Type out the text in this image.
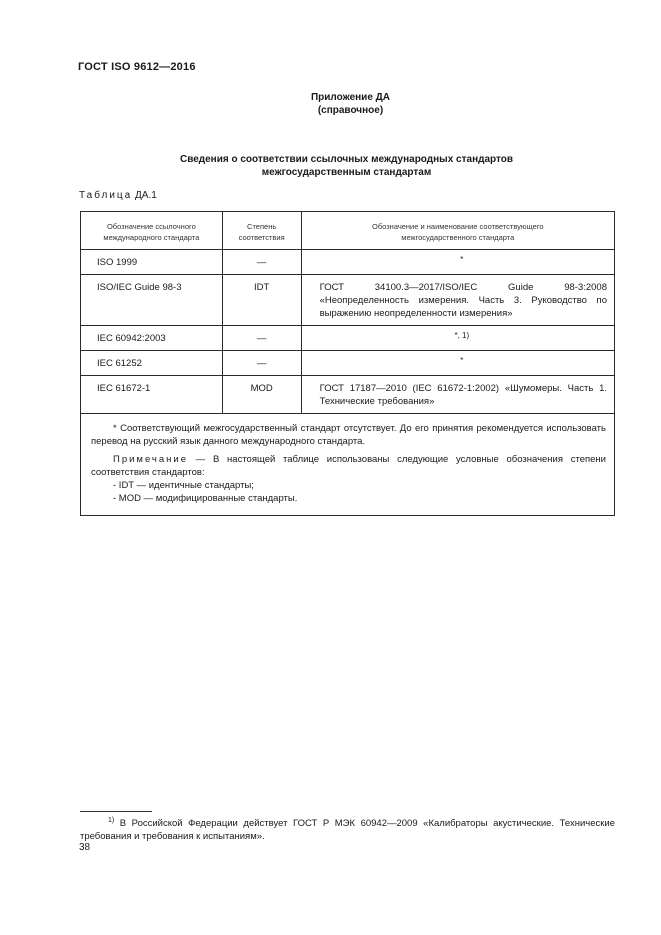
ГОСТ ISO 9612—2016
Приложение ДА
(справочное)
Сведения о соответствии ссылочных международных стандартов
межгосударственным стандартам
Таблица ДА.1
Обозначение ссылочного международного стандарта	Степень соответствия	Обозначение и наименование соответствующего межгосударственного стандарта
ISO 1999	—	*
ISO/IEC Guide 98-3	IDT	ГОСТ 34100.3—2017/ISO/IEC Guide 98-3:2008 «Неопределенность измерения. Часть 3. Руководство по выражению неопределенности измерения»
IEC 60942:2003	—	*, 1)
IEC 61252	—	*
IEC 61672-1	MOD	ГОСТ 17187—2010 (IEC 61672-1:2002) «Шумомеры. Часть 1. Технические требования»

* Соответствующий межгосударственный стандарт отсутствует. До его принятия рекомендуется использовать перевод на русский язык данного международного стандарта.

Примечание — В настоящей таблице использованы следующие условные обозначения степени соответствия стандартов:

- IDT — идентичные стандарты;

- MOD — модифицированные стандарты.		

$^{1)}$ В Российской Федерации действует ГОСТ Р МЭК 60942—2009 «Калибраторы акустические. Технические требования и требования к испытаниям».
38
